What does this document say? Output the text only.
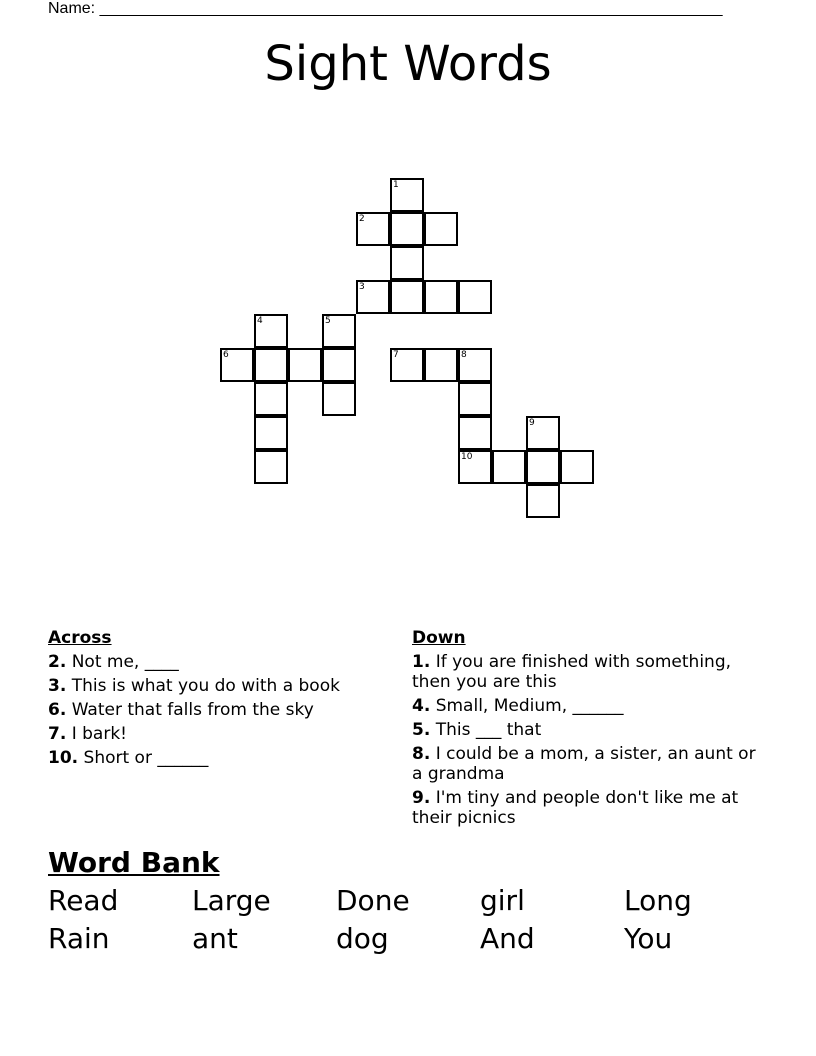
Name: ______________________________________________________________________
Sight Words
1
2
3
4	5
6	7	8
9
10
Across
2. Not me, ____
3. This is what you do with a book
6. Water that falls from the sky
7. I bark!
10. Short or ______
Down
1. If you are finished with something, then you are this
4. Small, Medium, ______
5. This ___ that
8. I could be a mom, a sister, an aunt or a grandma
9. I'm tiny and people don't like me at their picnics
Word Bank
Read	Large	Done	girl	Long
Rain	ant	dog	And	You
